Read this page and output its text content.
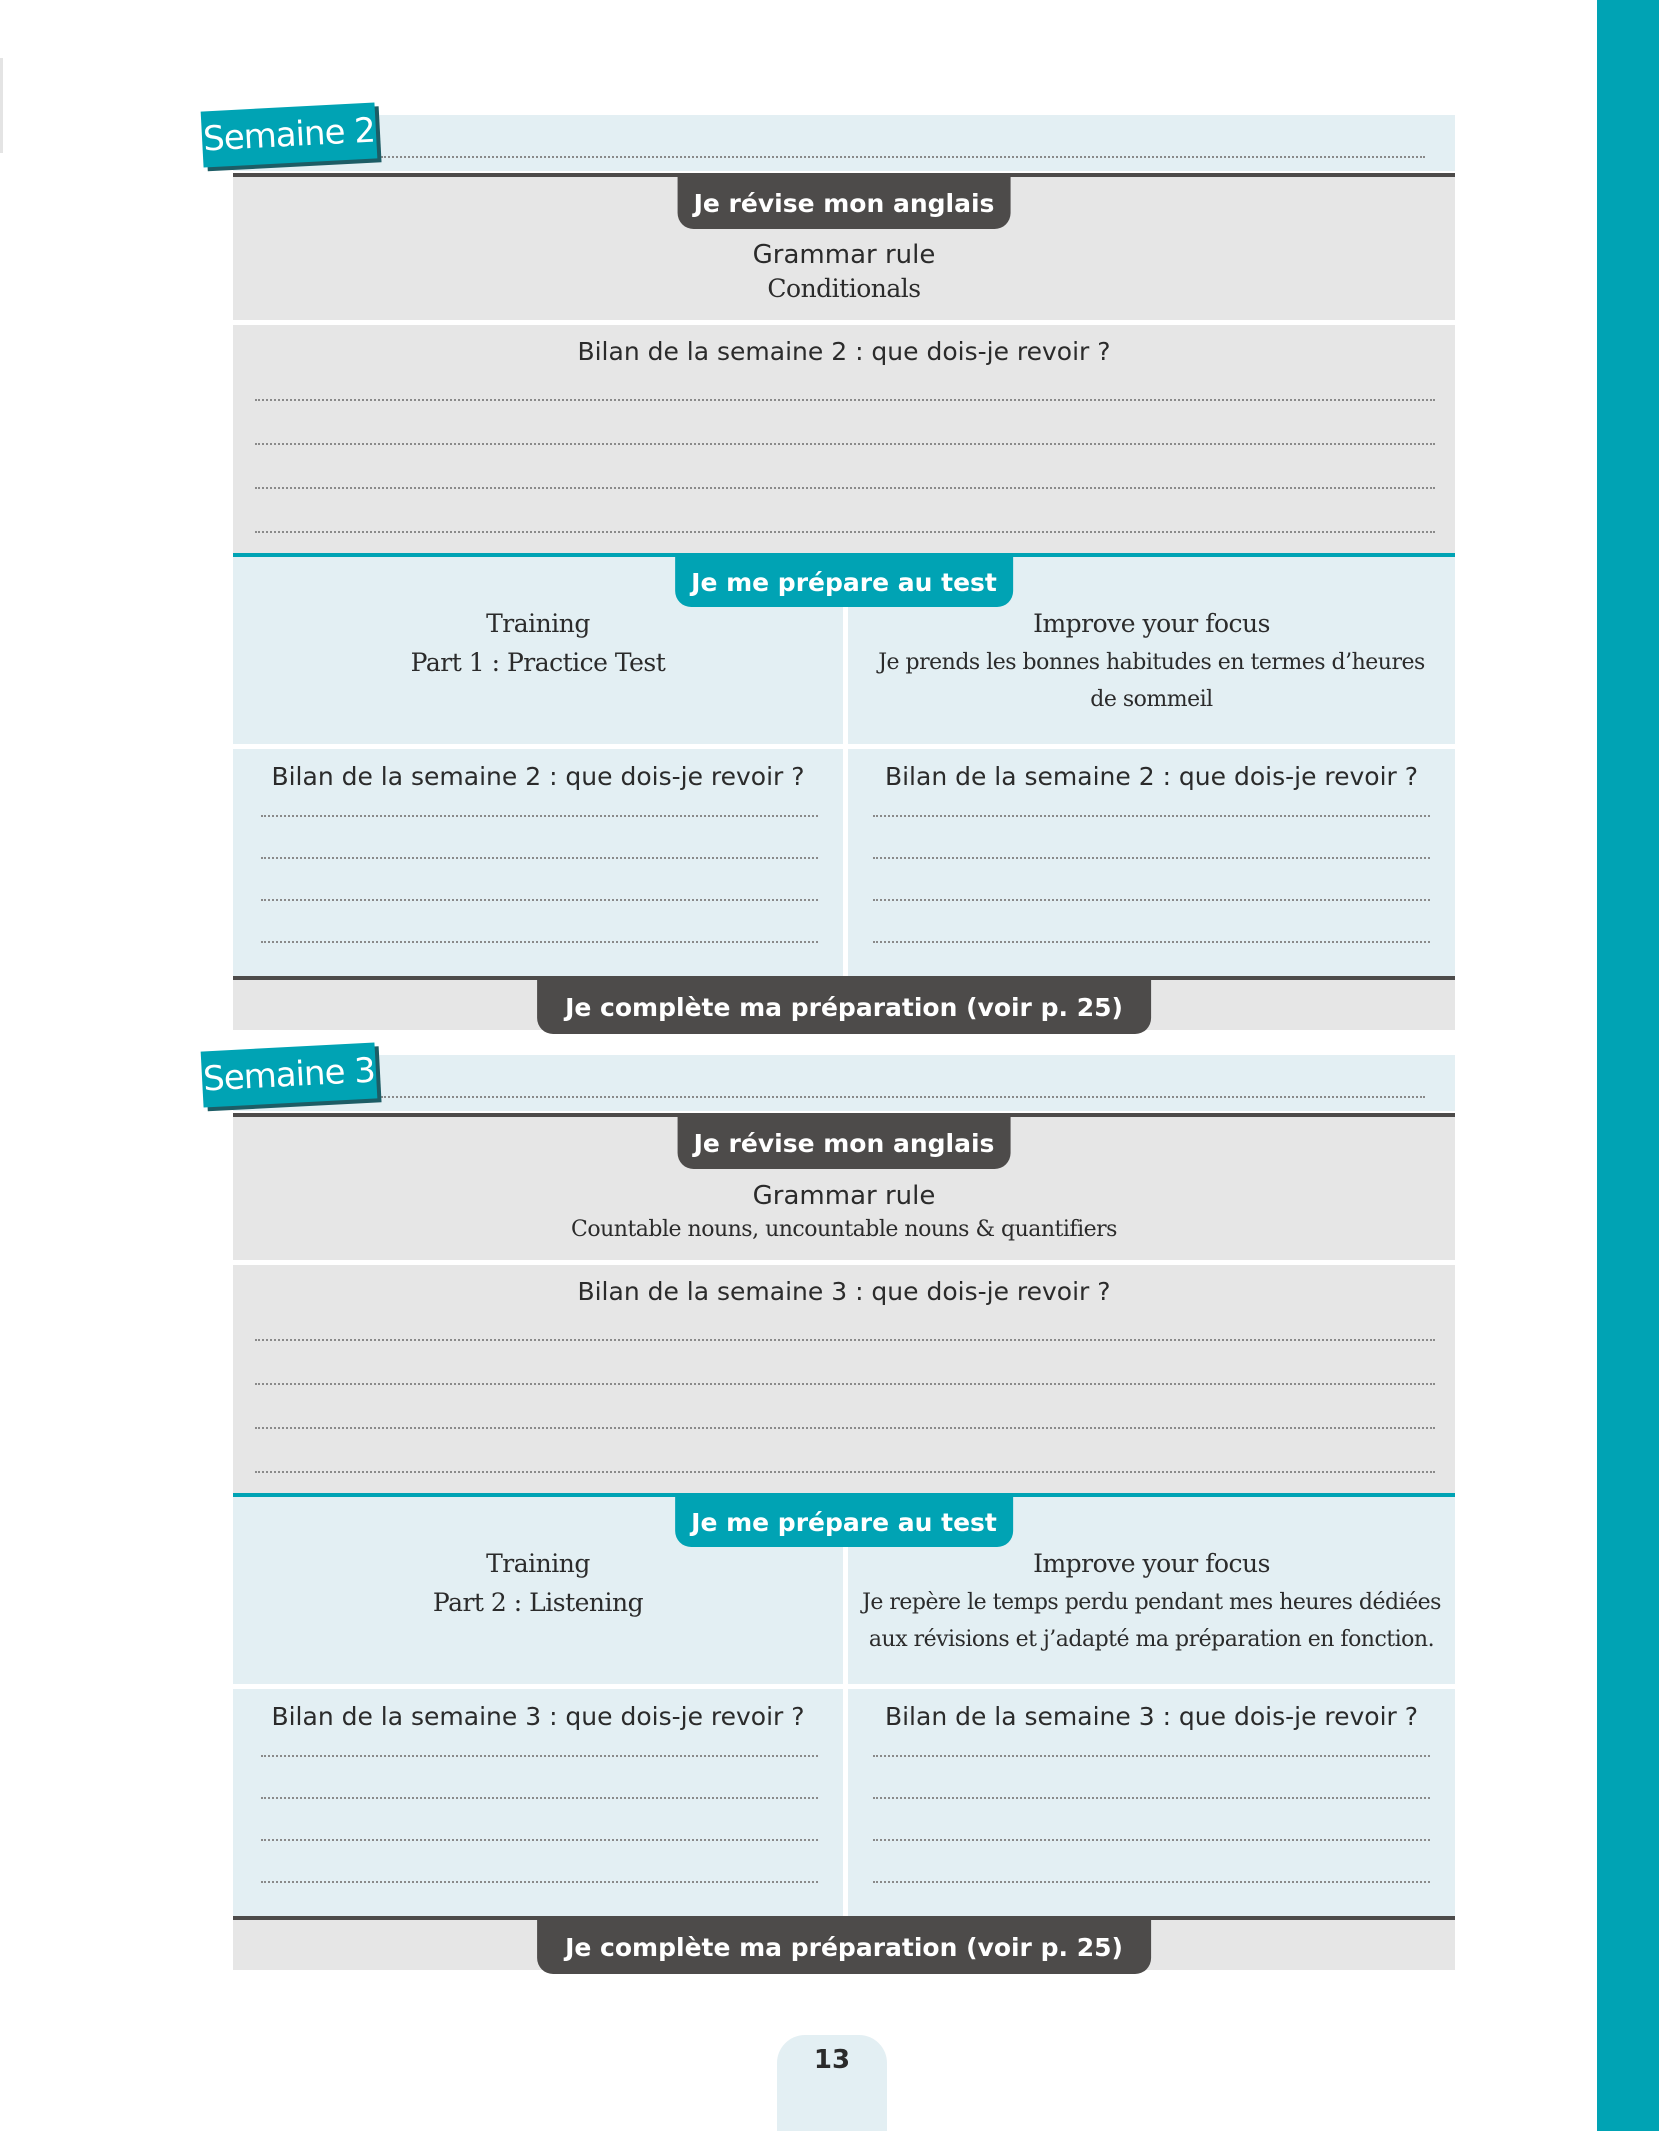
Semaine 2
Je révise mon anglais
Grammar rule
Conditionals
Bilan de la semaine 2 : que dois-je revoir ?
Je me prépare au test
Training
Part 1 : Practice Test
Improve your focus
Je prends les bonnes habitudes en termes d’heures
de sommeil
Bilan de la semaine 2 : que dois-je revoir ?	Bilan de la semaine 2 : que dois-je revoir ?
Je complète ma préparation (voir p. 25)
Semaine 3
Je révise mon anglais
Grammar rule
Countable nouns, uncountable nouns & quantifiers
Bilan de la semaine 3 : que dois-je revoir ?
Je me prépare au test
Training
Part 2 : Listening
Improve your focus
Je repère le temps perdu pendant mes heures dédiées
aux révisions et j’adapté ma préparation en fonction.
Bilan de la semaine 3 : que dois-je revoir ?	Bilan de la semaine 3 : que dois-je revoir ?
Je complète ma préparation (voir p. 25)
13
